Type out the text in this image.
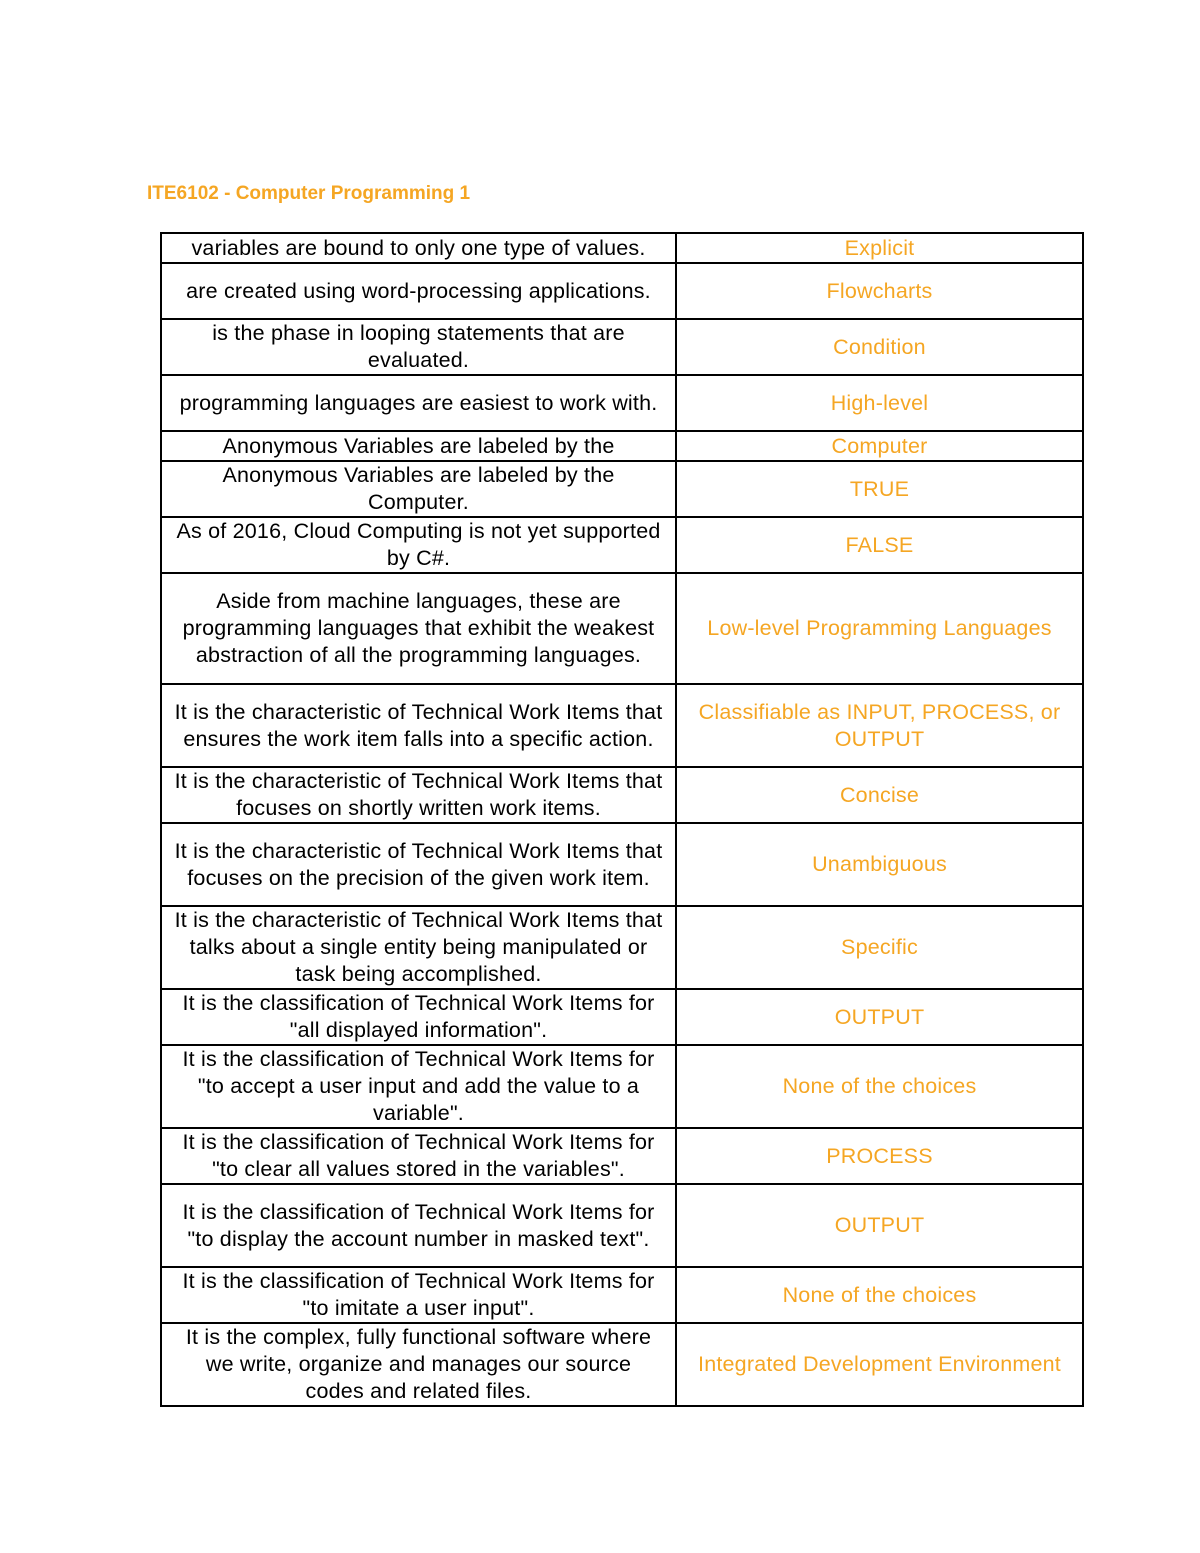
ITE6102 - Computer Programming 1
variables are bound to only one type of values.	Explicit
are created using word-processing applications.	Flowcharts
is the phase in looping statements that are evaluated.	Condition
programming languages are easiest to work with.	High-level
Anonymous Variables are labeled by the	Computer
Anonymous Variables are labeled by the Computer.	TRUE
As of 2016, Cloud Computing is not yet supported by C#.	FALSE
Aside from machine languages, these are programming languages that exhibit the weakest abstraction of all the programming languages.	Low-level Programming Languages
It is the characteristic of Technical Work Items that ensures the work item falls into a specific action.	Classifiable as INPUT, PROCESS, or OUTPUT
It is the characteristic of Technical Work Items that focuses on shortly written work items.	Concise
It is the characteristic of Technical Work Items that focuses on the precision of the given work item.	Unambiguous
It is the characteristic of Technical Work Items that talks about a single entity being manipulated or task being accomplished.	Specific
It is the classification of Technical Work Items for "all displayed information".	OUTPUT
It is the classification of Technical Work Items for "to accept a user input and add the value to a variable".	None of the choices
It is the classification of Technical Work Items for "to clear all values stored in the variables".	PROCESS
It is the classification of Technical Work Items for "to display the account number in masked text".	OUTPUT
It is the classification of Technical Work Items for "to imitate a user input".	None of the choices
It is the complex, fully functional software where we write, organize and manages our source codes and related files.	Integrated Development Environment
